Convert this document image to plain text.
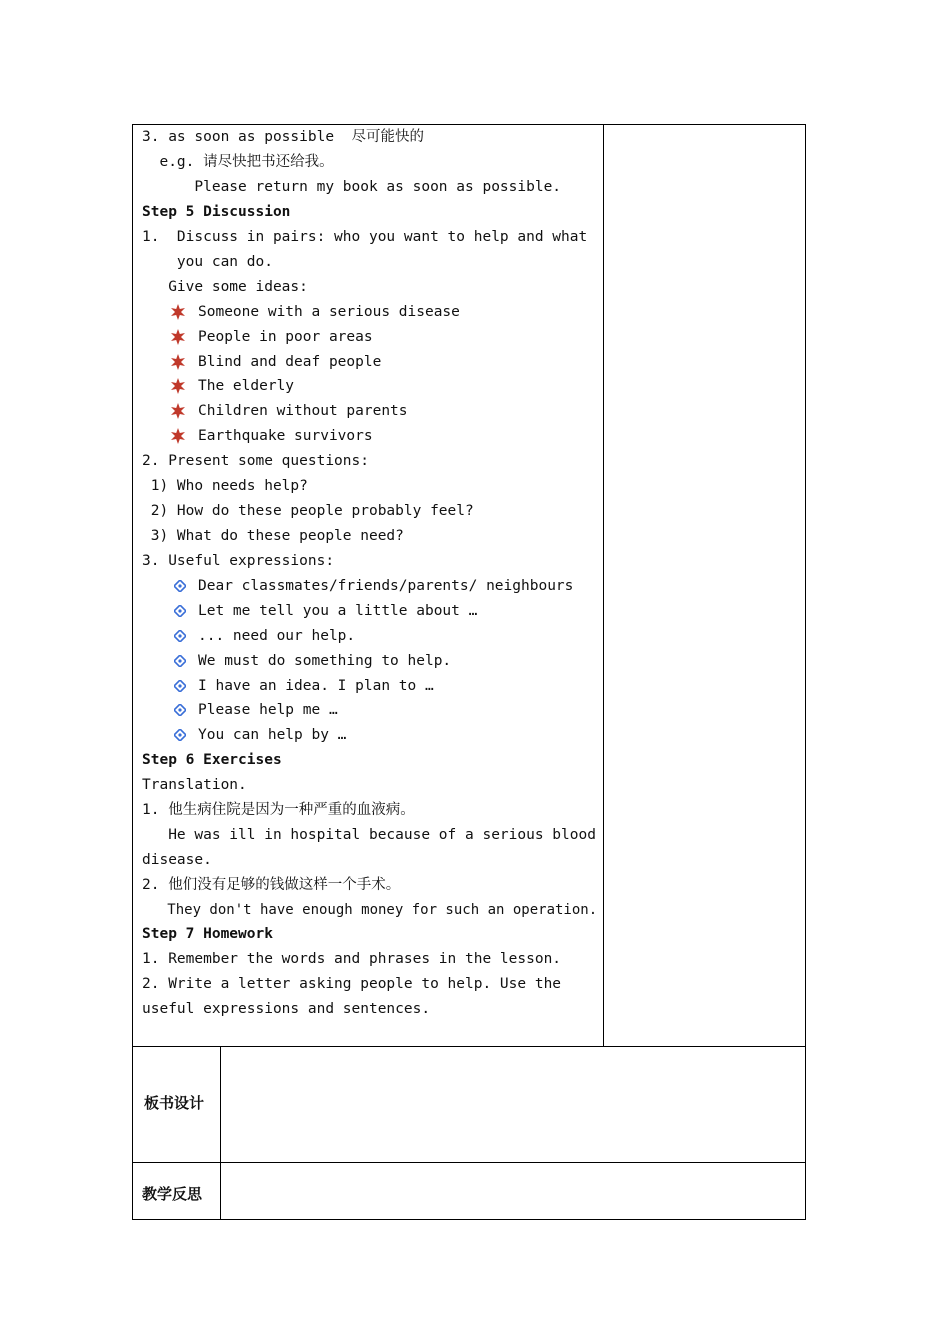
3. as soon as possible  尽可能快的
e.g. 请尽快把书还给我。
Please return my book as soon as possible.
Step 5 Discussion
1.  Discuss in pairs: who you want to help and what
you can do.
Give some ideas:
Someone with a serious disease
People in poor areas
Blind and deaf people
The elderly
Children without parents
Earthquake survivors
2. Present some questions:
1) Who needs help?
2) How do these people probably feel?
3) What do these people need?
3. Useful expressions:
Dear classmates/friends/parents/ neighbours
Let me tell you a little about …
... need our help.
We must do something to help.
I have an idea. I plan to …
Please help me …
You can help by …
Step 6 Exercises
Translation.
1. 他生病住院是因为一种严重的血液病。
He was ill in hospital because of a serious blood
disease.
2. 他们没有足够的钱做这样一个手术。
They don't have enough money for such an operation.
Step 7 Homework
1. Remember the words and phrases in the lesson.
2. Write a letter asking people to help. Use the
useful expressions and sentences.
板书设计
教学反思
